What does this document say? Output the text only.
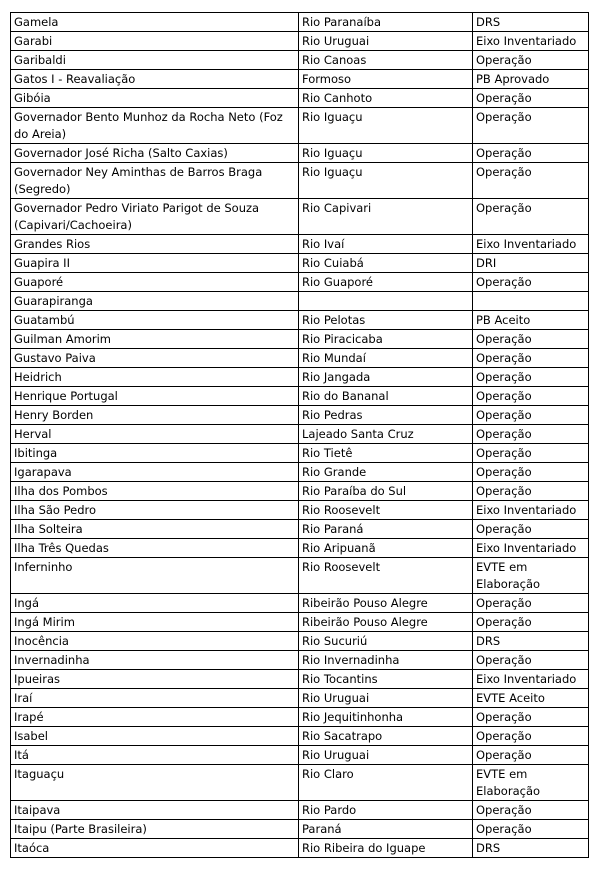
Gamela	Rio Paranaíba	DRS
Garabi	Rio Uruguai	Eixo Inventariado
Garibaldi	Rio Canoas	Operação
Gatos I - Reavaliação	Formoso	PB Aprovado
Gibóia	Rio Canhoto	Operação
Governador Bento Munhoz da Rocha Neto (Foz do Areia)	Rio Iguaçu	Operação
Governador José Richa (Salto Caxias)	Rio Iguaçu	Operação
Governador Ney Aminthas de Barros Braga (Segredo)	Rio Iguaçu	Operação
Governador Pedro Viriato Parigot de Souza (Capivari/Cachoeira)	Rio Capivari	Operação
Grandes Rios	Rio Ivaí	Eixo Inventariado
Guapira II	Rio Cuiabá	DRI
Guaporé	Rio Guaporé	Operação
Guarapiranga		
Guatambú	Rio Pelotas	PB Aceito
Guilman Amorim	Rio Piracicaba	Operação
Gustavo Paiva	Rio Mundaí	Operação
Heidrich	Rio Jangada	Operação
Henrique Portugal	Rio do Bananal	Operação
Henry Borden	Rio Pedras	Operação
Herval	Lajeado Santa Cruz	Operação
Ibitinga	Rio Tietê	Operação
Igarapava	Rio Grande	Operação
Ilha dos Pombos	Rio Paraíba do Sul	Operação
Ilha São Pedro	Rio Roosevelt	Eixo Inventariado
Ilha Solteira	Rio Paraná	Operação
Ilha Três Quedas	Rio Aripuanã	Eixo Inventariado
Inferninho	Rio Roosevelt	EVTE em Elaboração
Ingá	Ribeirão Pouso Alegre	Operação
Ingá Mirim	Ribeirão Pouso Alegre	Operação
Inocência	Rio Sucuriú	DRS
Invernadinha	Rio Invernadinha	Operação
Ipueiras	Rio Tocantins	Eixo Inventariado
Iraí	Rio Uruguai	EVTE Aceito
Irapé	Rio Jequitinhonha	Operação
Isabel	Rio Sacatrapo	Operação
Itá	Rio Uruguai	Operação
Itaguaçu	Rio Claro	EVTE em Elaboração
Itaipava	Rio Pardo	Operação
Itaipu (Parte Brasileira)	Paraná	Operação
Itaóca	Rio Ribeira do Iguape	DRS
